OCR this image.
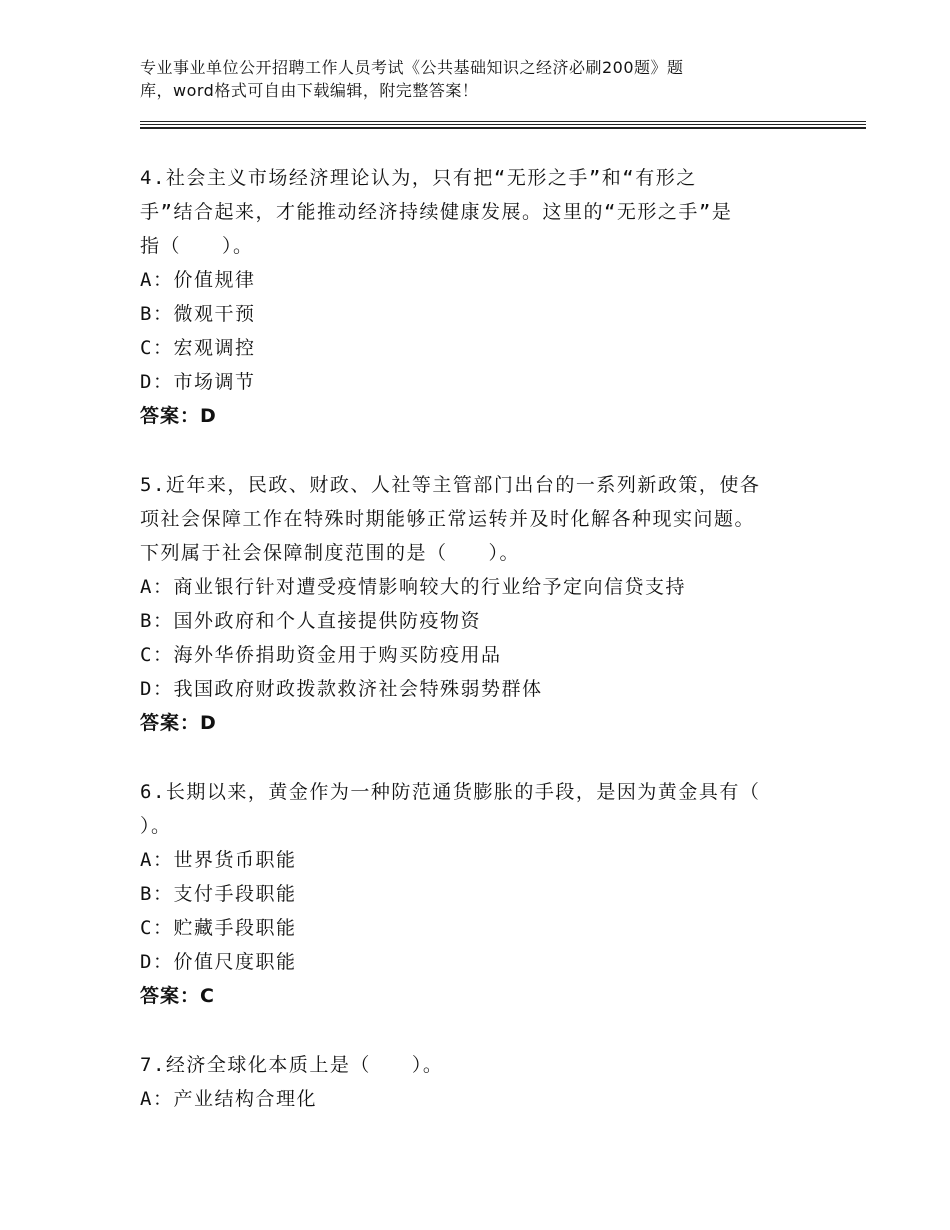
专业事业单位公开招聘工作人员考试《公共基础知识之经济必刷200题》题
库，word格式可自由下载编辑，附完整答案！
4.社会主义市场经济理论认为，只有把“无形之手”和“有形之
手”结合起来，才能推动经济持续健康发展。这里的“无形之手”是
指（　　）。
A：价值规律
B：微观干预
C：宏观调控
D：市场调节
答案：D
5.近年来，民政、财政、人社等主管部门出台的一系列新政策，使各
项社会保障工作在特殊时期能够正常运转并及时化解各种现实问题。
下列属于社会保障制度范围的是（　　）。
A：商业银行针对遭受疫情影响较大的行业给予定向信贷支持
B：国外政府和个人直接提供防疫物资
C：海外华侨捐助资金用于购买防疫用品
D：我国政府财政拨款救济社会特殊弱势群体
答案：D
6.长期以来，黄金作为一种防范通货膨胀的手段，是因为黄金具有（
）。
A：世界货币职能
B：支付手段职能
C：贮藏手段职能
D：价值尺度职能
答案：C
7.经济全球化本质上是（　　）。
A：产业结构合理化
